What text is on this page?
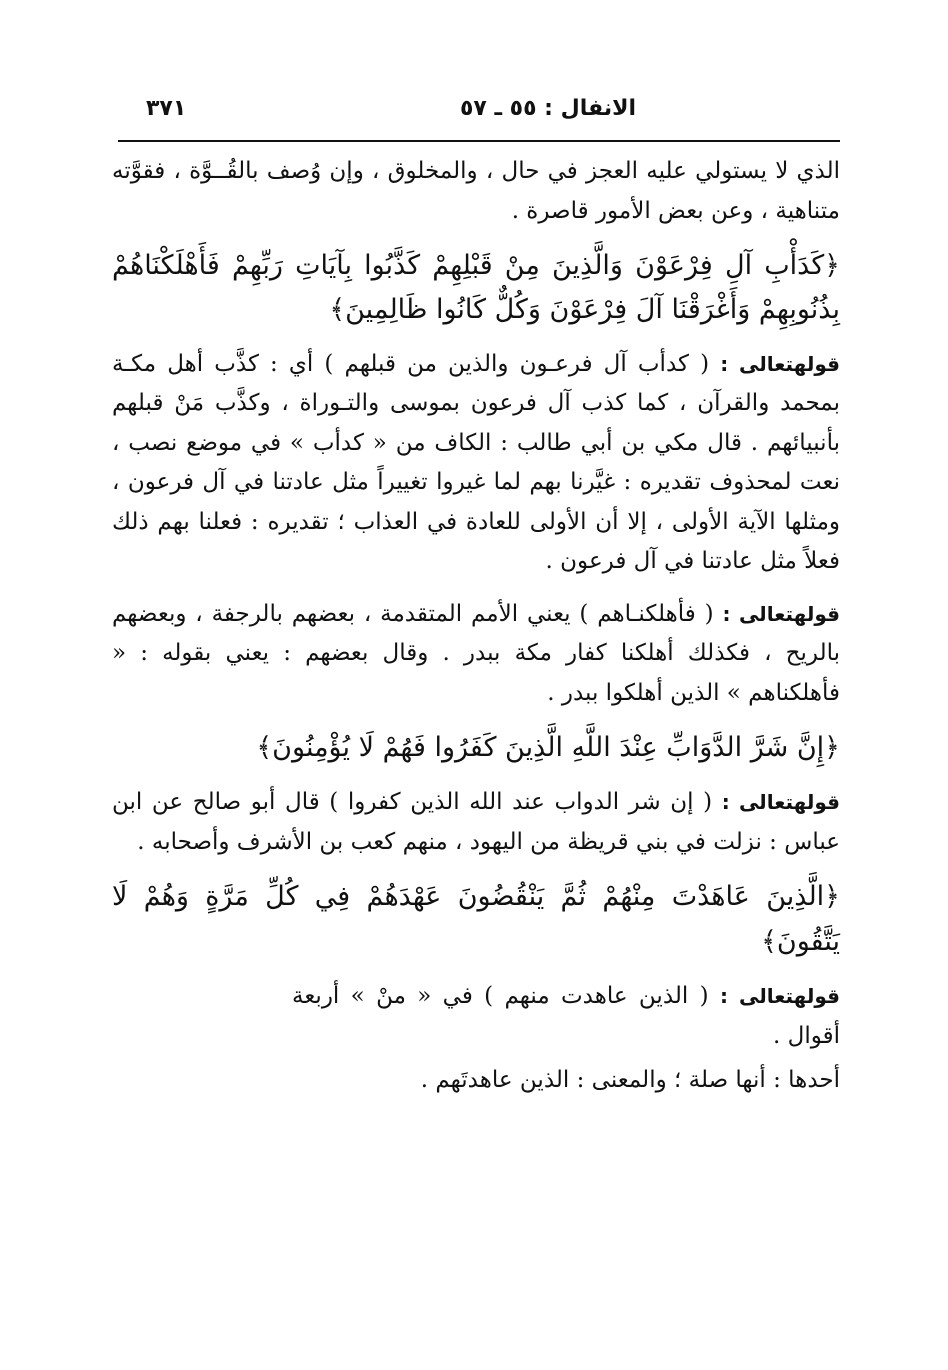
الانفال : ٥٥ ـ ٥٧
٣٧١

الذي لا يستولي عليه العجز في حال ، والمخلوق ، وإن وُصف بالقُــوَّة ، فقوَّته متناهية ، وعن بعض الأمور قاصرة .

﴿كَدَأْبِ آلِ فِرْعَوْنَ وَالَّذِينَ مِنْ قَبْلِهِمْ كَذَّبُوا بِآيَاتِ رَبِّهِمْ فَأَهْلَكْنَاهُمْ بِذُنُوبِهِمْ وَأَغْرَقْنَا آلَ فِرْعَوْنَ وَكُلٌّ كَانُوا ظَالِمِينَ﴾

قولهتعالى : ( كدأب آل فرعـون والذين من قبلهم ) أي : كذَّب أهل مكـة بمحمد والقرآن ، كما كذب آل فرعون بموسى والتـوراة ، وكذَّب مَنْ قبلهم بأنبيائهم . قال مكي بن أبي طالب : الكاف من « كدأب » في موضع نصب ، نعت لمحذوف تقديره : غيَّرنا بهم لما غيروا تغييراً مثل عادتنا في آل فرعون ، ومثلها الآية الأولى ، إلا أن الأولى للعادة في العذاب ؛ تقديره : فعلنا بهم ذلك فعلاً مثل عادتنا في آل فرعون .

قولهتعالى : ( فأهلكنـاهم ) يعني الأمم المتقدمة ، بعضهم بالرجفة ، وبعضهم بالريح ، فكذلك أهلكنا كفار مكة ببدر . وقال بعضهم : يعني بقوله : « فأهلكناهم » الذين أهلكوا ببدر .

﴿إِنَّ شَرَّ الدَّوَابِّ عِنْدَ اللَّهِ الَّذِينَ كَفَرُوا فَهُمْ لَا يُؤْمِنُونَ﴾

قولهتعالى : ( إن شر الدواب عند الله الذين كفروا ) قال أبو صالح عن ابن عباس : نزلت في بني قريظة من اليهود ، منهم كعب بن الأشرف وأصحابه .

﴿الَّذِينَ عَاهَدْتَ مِنْهُمْ ثُمَّ يَنْقُضُونَ عَهْدَهُمْ فِي كُلِّ مَرَّةٍ وَهُمْ لَا يَتَّقُونَ﴾

قولهتعالى : ( الذين عاهدت منهم ) في « منْ » أربعة أقوال .

أحدها : أنها صلة ؛ والمعنى : الذين عاهدتَهم .
